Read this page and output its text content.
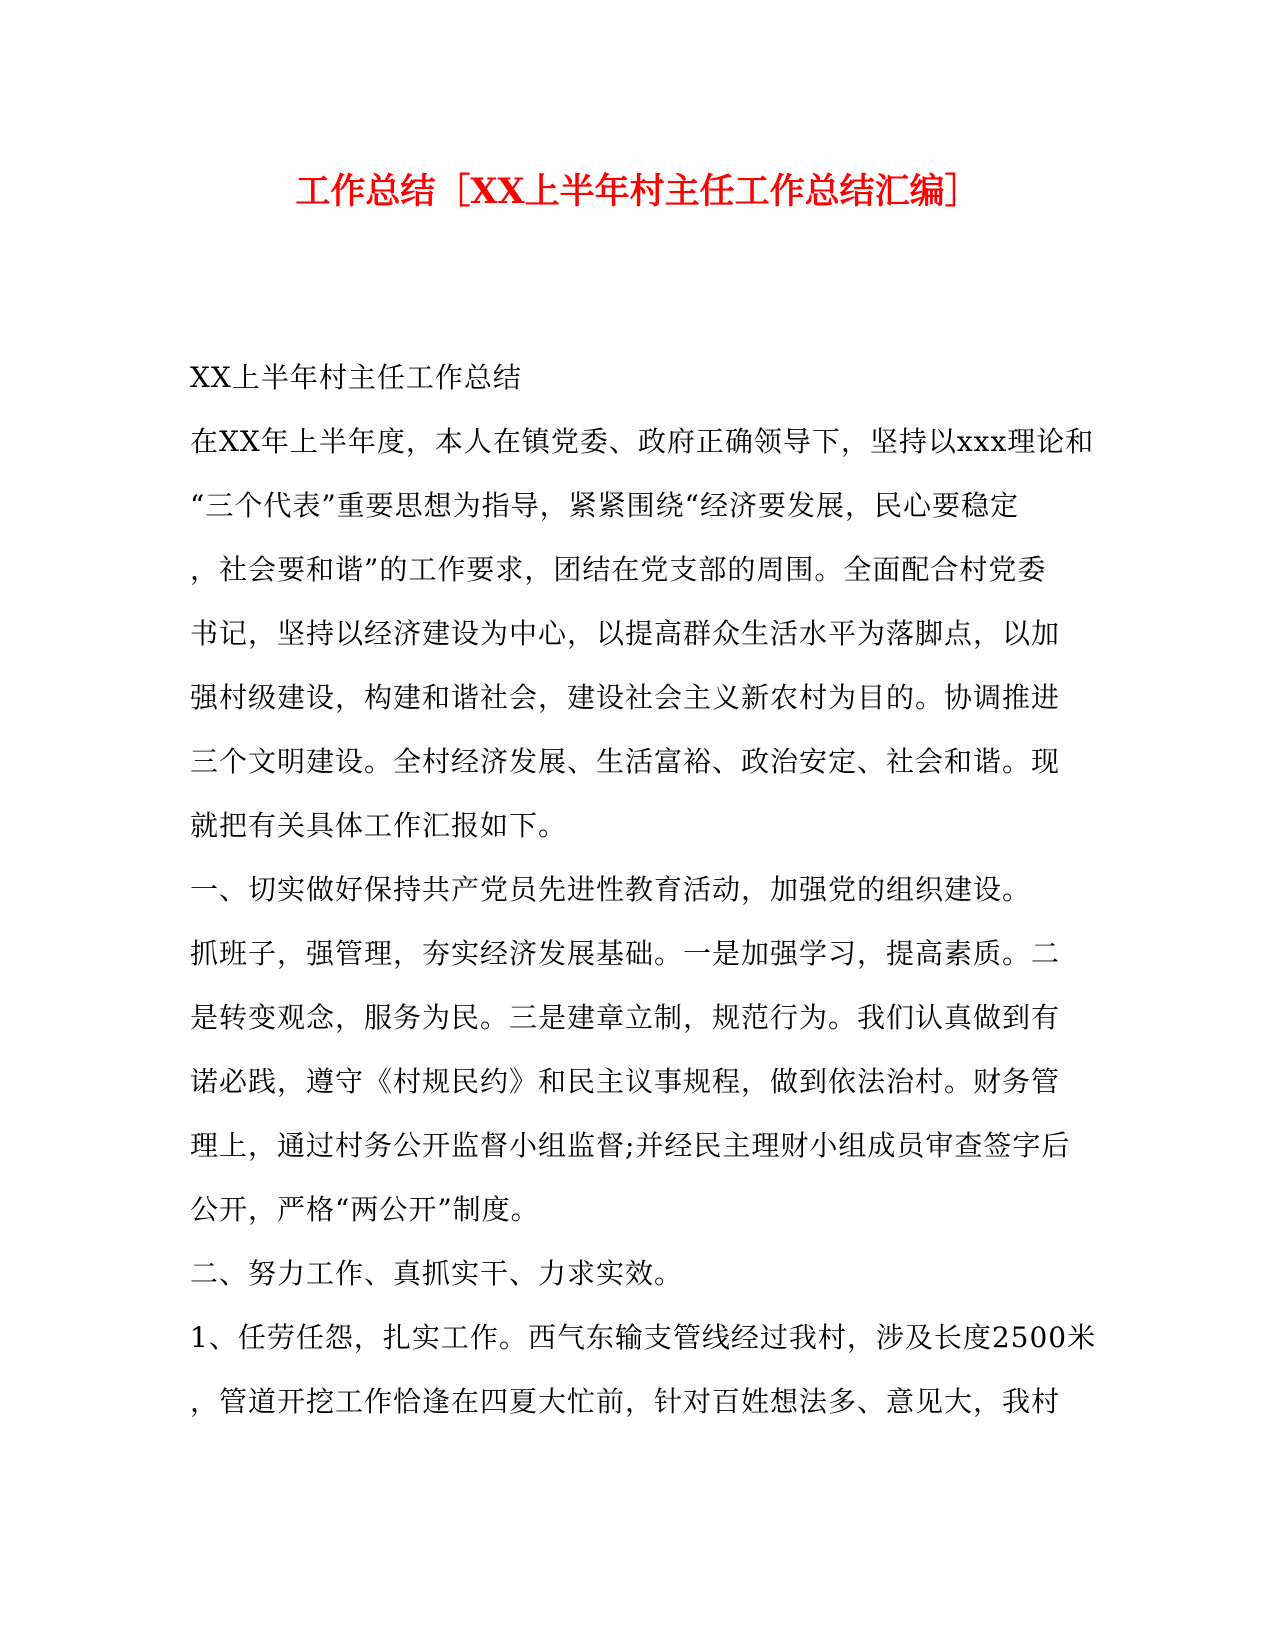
工作总结［XX上半年村主任工作总结汇编］
XX上半年村主任工作总结
在XX年上半年度，本人在镇党委、政府正确领导下，坚持以xxx理论和
“三个代表”重要思想为指导，紧紧围绕“经济要发展，民心要稳定
，社会要和谐”的工作要求，团结在党支部的周围。全面配合村党委
书记，坚持以经济建设为中心，以提高群众生活水平为落脚点，以加
强村级建设，构建和谐社会，建设社会主义新农村为目的。协调推进
三个文明建设。全村经济发展、生活富裕、政治安定、社会和谐。现
就把有关具体工作汇报如下。
一、切实做好保持共产党员先进性教育活动，加强党的组织建设。
抓班子，强管理，夯实经济发展基础。一是加强学习，提高素质。二
是转变观念，服务为民。三是建章立制，规范行为。我们认真做到有
诺必践，遵守《村规民约》和民主议事规程，做到依法治村。财务管
理上，通过村务公开监督小组监督;并经民主理财小组成员审查签字后
公开，严格“两公开”制度。
二、努力工作、真抓实干、力求实效。
1、任劳任怨，扎实工作。西气东输支管线经过我村，涉及长度2500米
，管道开挖工作恰逢在四夏大忙前，针对百姓想法多、意见大，我村
